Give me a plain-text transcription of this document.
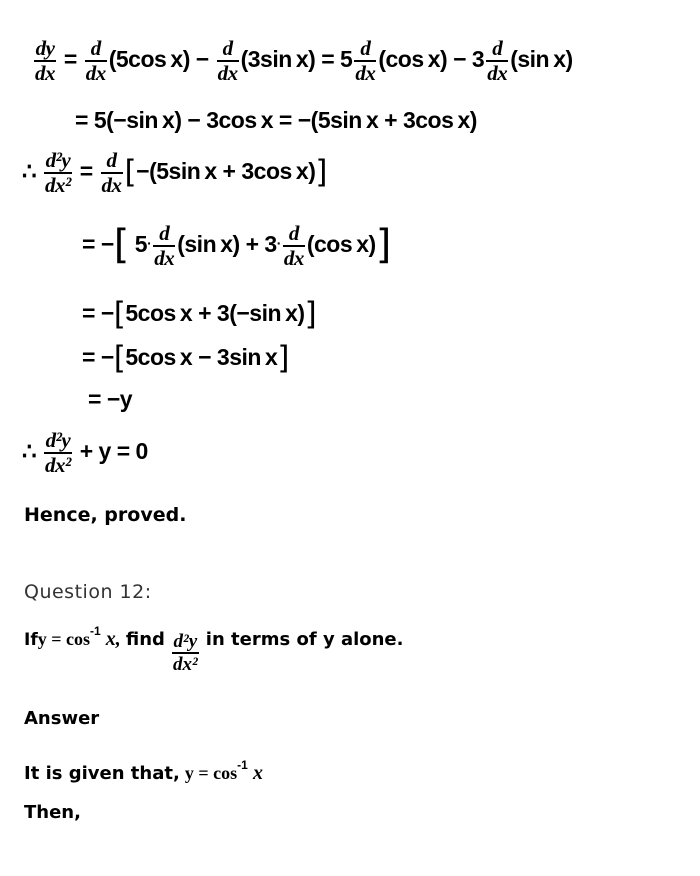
$\frac{dy}{dx} = \frac{d}{dx} (5\cos$ $x) - \frac{d}{dx} (3\sin$ $x) = 5 \frac{d}{dx} (\cos$ $x) - 3 \frac{d}{dx} (\sin$ x)
= 5(−sin x) − 3cos x = −(5sin x + 3cos x)
∴ $\frac{\text{d²y}}{\text{dx²}} = \frac{d}{dx} [-(5\sin$ x + 3cos x)]
= −[ $5\cdot \frac{d}{dx} (\sin$ $x) + 3\cdot \frac{d}{dx} (\cos$ x)]
= −[5cos x + 3(−sin x)]
= −[5cos x − 3sin x]
= −y
∴ $\frac{\text{d²y}}{\text{dx²}} + y = 0$
Hence, proved.
Question 12:
Ify = $\cos^{-1} x$, find $\frac{\text{d²y}}{\text{dx²}}$ in terms of y alone.
Answer
It is given that, $y = \cos^{-1} x$
Then,
